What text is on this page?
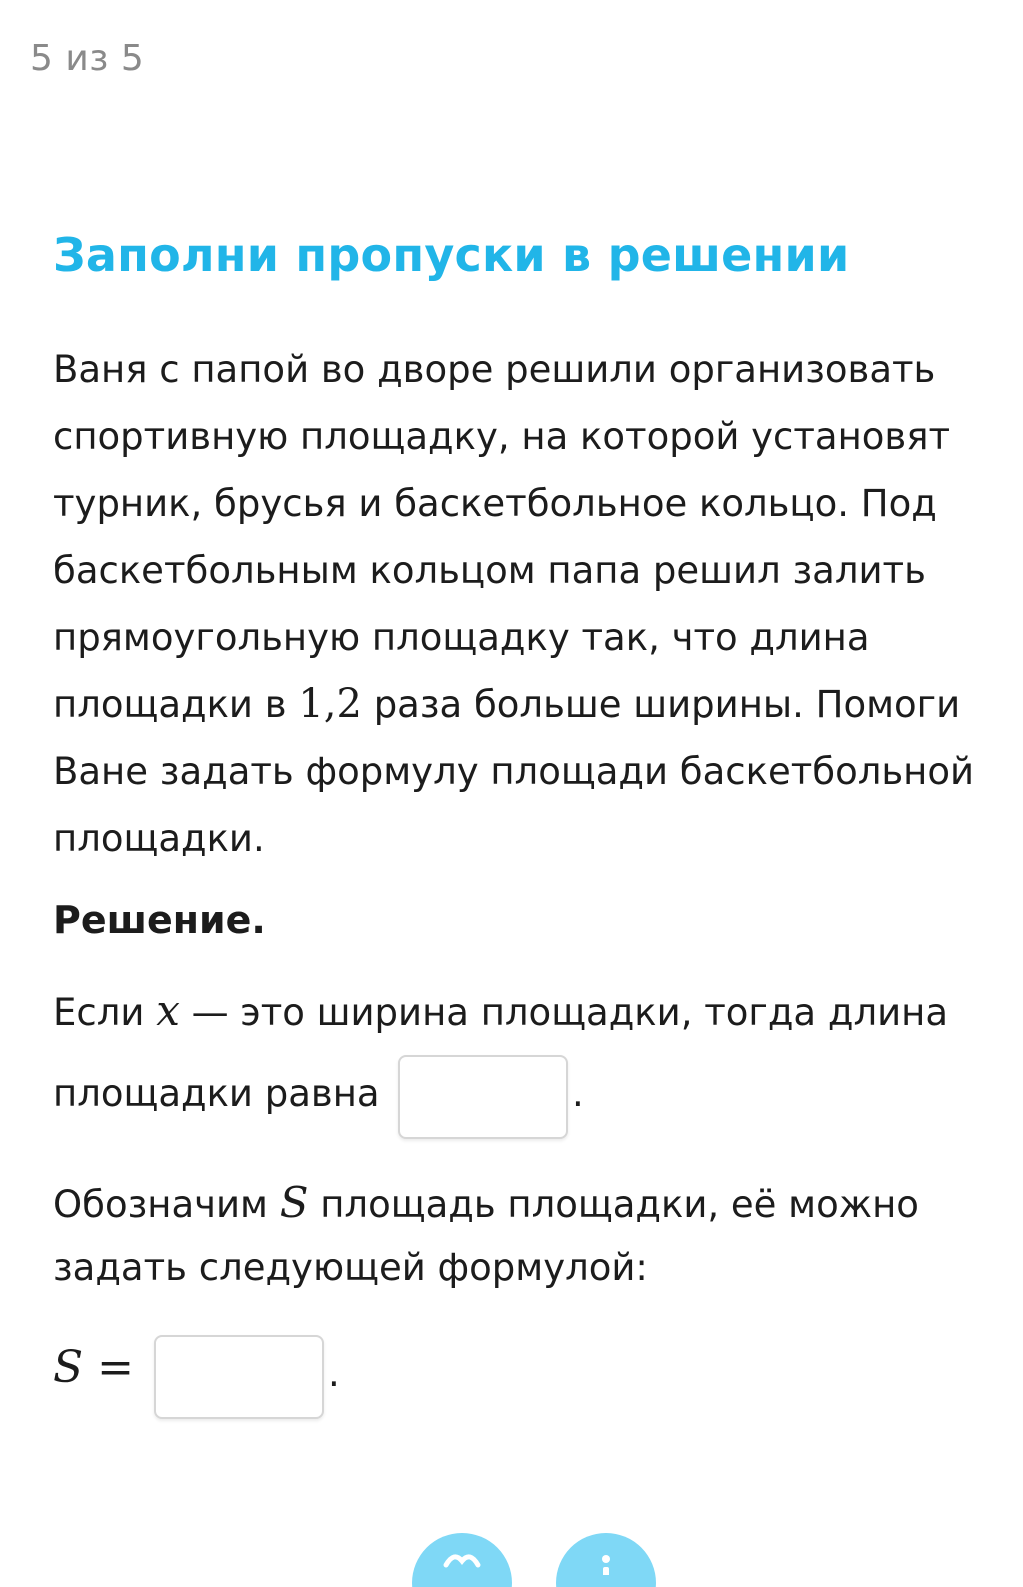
5 из 5
Заполни пропуски в решении

Ваня с папой во дворе решили организовать спортивную площадку, на которой установят турник, брусья и баскетбольное кольцо. Под баскетбольным кольцом папа решил залить прямоугольную площадку так, что длина площадки в 1,2 раза больше ширины. Помоги Ване задать формулу площади баскетбольной площадки.

Решение.

Если x — это ширина площадки, тогда длина

площадки равна	.

Обозначим S площадь площадки, её можно

задать следующей формулой:

S =	.
